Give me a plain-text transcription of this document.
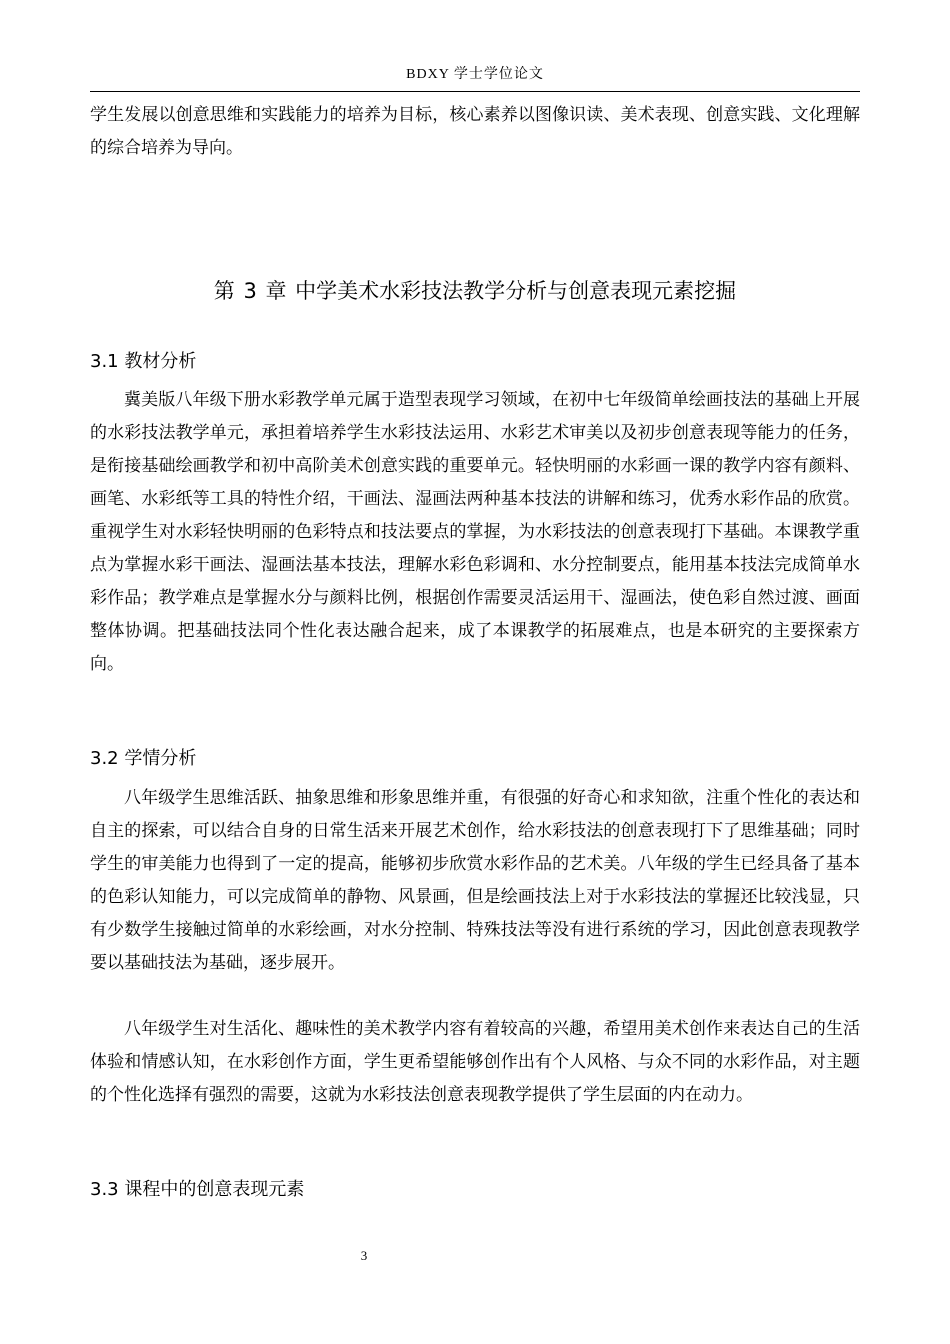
BDXY 学士学位论文

学生发展以创意思维和实践能力的培养为目标，核心素养以图像识读、美术表现、创意实践、文化理解的综合培养为导向。

第 3 章 中学美术水彩技法教学分析与创意表现元素挖掘
3.1 教材分析

冀美版八年级下册水彩教学单元属于造型表现学习领域，在初中七年级简单绘画技法的基础上开展的水彩技法教学单元，承担着培养学生水彩技法运用、水彩艺术审美以及初步创意表现等能力的任务，是衔接基础绘画教学和初中高阶美术创意实践的重要单元。轻快明丽的水彩画一课的教学内容有颜料、画笔、水彩纸等工具的特性介绍，干画法、湿画法两种基本技法的讲解和练习，优秀水彩作品的欣赏。重视学生对水彩轻快明丽的色彩特点和技法要点的掌握，为水彩技法的创意表现打下基础。本课教学重点为掌握水彩干画法、湿画法基本技法，理解水彩色彩调和、水分控制要点，能用基本技法完成简单水彩作品；教学难点是掌握水分与颜料比例，根据创作需要灵活运用干、湿画法，使色彩自然过渡、画面整体协调。把基础技法同个性化表达融合起来，成了本课教学的拓展难点，也是本研究的主要探索方向。

3.2 学情分析

八年级学生思维活跃、抽象思维和形象思维并重，有很强的好奇心和求知欲，注重个性化的表达和自主的探索，可以结合自身的日常生活来开展艺术创作，给水彩技法的创意表现打下了思维基础；同时学生的审美能力也得到了一定的提高，能够初步欣赏水彩作品的艺术美。八年级的学生已经具备了基本的色彩认知能力，可以完成简单的静物、风景画，但是绘画技法上对于水彩技法的掌握还比较浅显，只有少数学生接触过简单的水彩绘画，对水分控制、特殊技法等没有进行系统的学习，因此创意表现教学要以基础技法为基础，逐步展开。

八年级学生对生活化、趣味性的美术教学内容有着较高的兴趣，希望用美术创作来表达自己的生活体验和情感认知，在水彩创作方面，学生更希望能够创作出有个人风格、与众不同的水彩作品，对主题的个性化选择有强烈的需要，这就为水彩技法创意表现教学提供了学生层面的内在动力。

3.3 课程中的创意表现元素
3
